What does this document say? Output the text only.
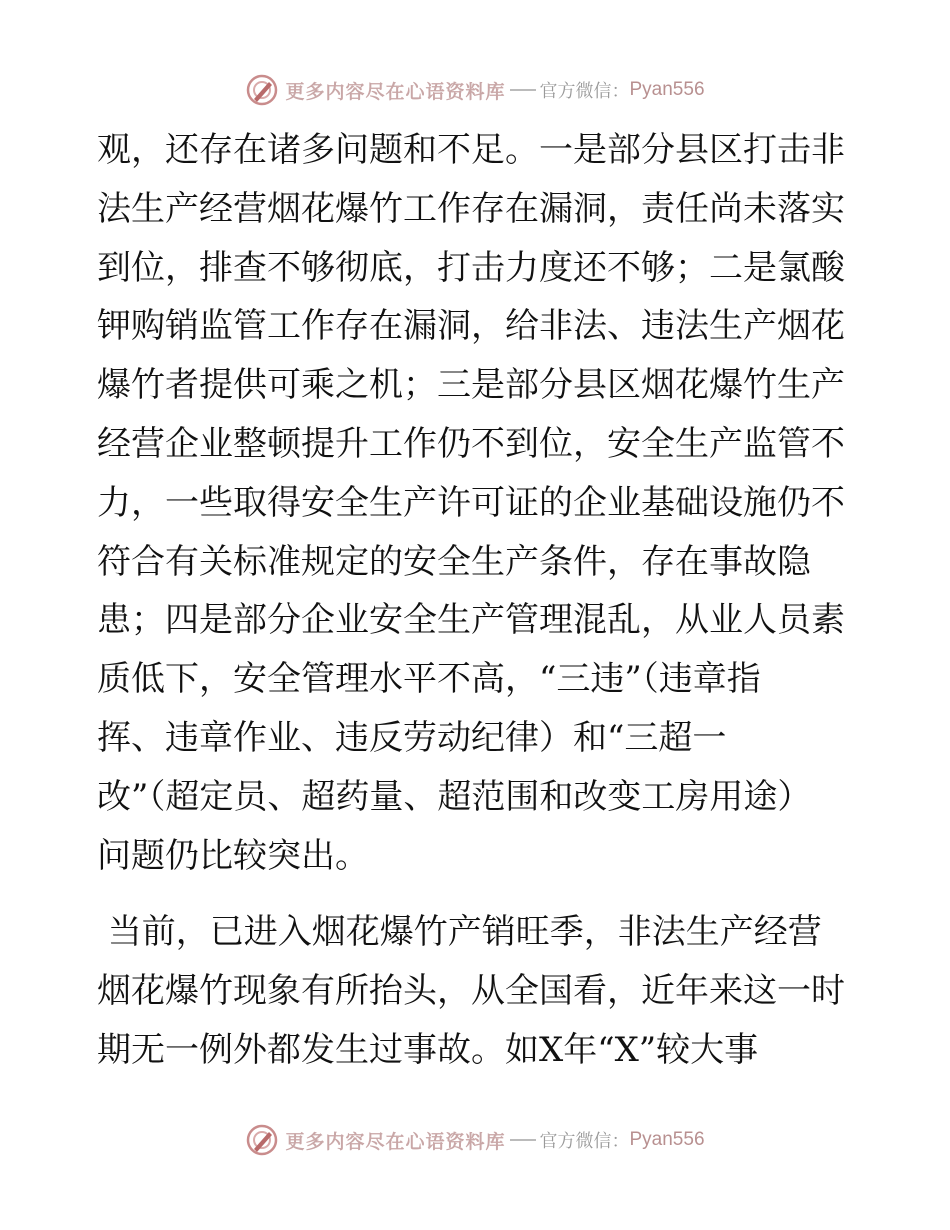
更多内容尽在心语资料库 官方微信： Pyan556
观，还存在诸多问题和不足。一是部分县区打击非
法生产经营烟花爆竹工作存在漏洞，责任尚未落实
到位，排查不够彻底，打击力度还不够；二是氯酸
钾购销监管工作存在漏洞，给非法、违法生产烟花
爆竹者提供可乘之机；三是部分县区烟花爆竹生产
经营企业整顿提升工作仍不到位，安全生产监管不
力，一些取得安全生产许可证的企业基础设施仍不
符合有关标准规定的安全生产条件，存在事故隐
患；四是部分企业安全生产管理混乱，从业人员素
质低下，安全管理水平不高，“三违”（违章指
挥、违章作业、违反劳动纪律）和“三超一
改”（超定员、超药量、超范围和改变工房用途）
问题仍比较突出。
当前，已进入烟花爆竹产销旺季，非法生产经营
烟花爆竹现象有所抬头，从全国看，近年来这一时
期无一例外都发生过事故。如X年“X”较大事
更多内容尽在心语资料库 官方微信： Pyan556
